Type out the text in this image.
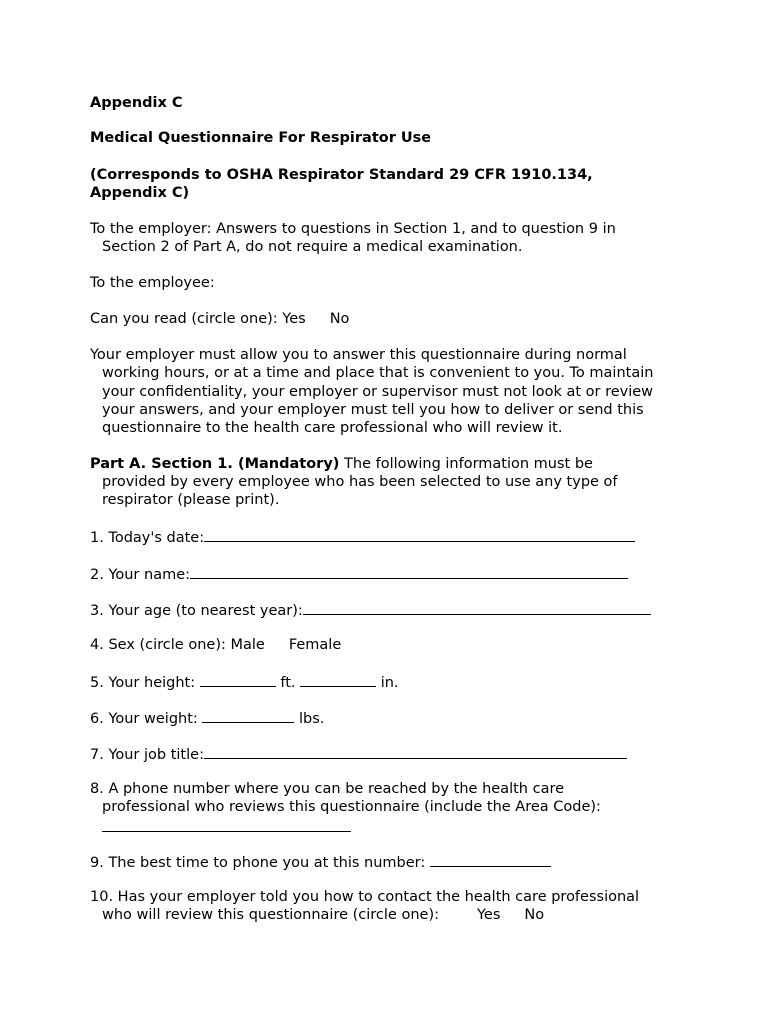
Appendix C
Medical Questionnaire For Respirator Use
(Corresponds to OSHA Respirator Standard 29 CFR 1910.134,
Appendix C)
To the employer: Answers to questions in Section 1, and to question 9 in
Section 2 of Part A, do not require a medical examination.
To the employee:
Can you read (circle one): Yes No
Your employer must allow you to answer this questionnaire during normal
working hours, or at a time and place that is convenient to you. To maintain
your confidentiality, your employer or supervisor must not look at or review
your answers, and your employer must tell you how to deliver or send this
questionnaire to the health care professional who will review it.
Part A. Section 1. (Mandatory) The following information must be
provided by every employee who has been selected to use any type of
respirator (please print).
1. Today's date:
2. Your name:
3. Your age (to nearest year):
4. Sex (circle one): Male Female
5. Your height:	ft.	in.
6. Your weight:	lbs.
7. Your job title:
8. A phone number where you can be reached by the health care
professional who reviews this questionnaire (include the Area Code):
9. The best time to phone you at this number:
10. Has your employer told you how to contact the health care professional
who will review this questionnaire (circle one):	Yes No
